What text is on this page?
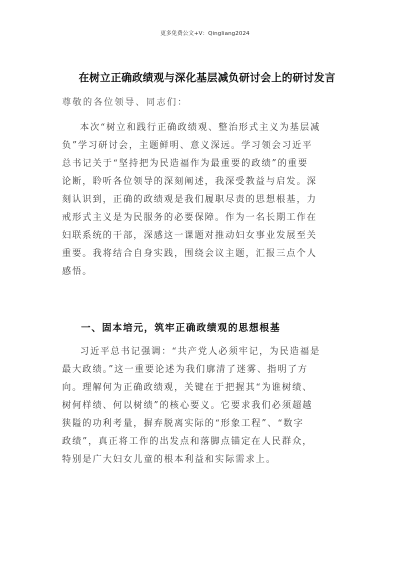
更多免费公文+V：Qingliang2024
在树立正确政绩观与深化基层减负研讨会上的研讨发言
尊敬的各位领导、同志们：
本次“树立和践行正确政绩观、整治形式主义为基层减
负”学习研讨会，主题鲜明、意义深远。学习领会习近平
总书记关于“坚持把为民造福作为最重要的政绩”的重要
论断，聆听各位领导的深刻阐述，我深受教益与启发。深
刻认识到，正确的政绩观是我们履职尽责的思想根基，力
戒形式主义是为民服务的必要保障。作为一名长期工作在
妇联系统的干部，深感这一课题对推动妇女事业发展至关
重要。我将结合自身实践，围绕会议主题，汇报三点个人
感悟。
一、固本培元，筑牢正确政绩观的思想根基
习近平总书记强调：“共产党人必须牢记，为民造福是
最大政绩。”这一重要论述为我们廓清了迷雾、指明了方
向。理解何为正确政绩观，关键在于把握其“为谁树绩、
树何样绩、何以树绩”的核心要义。它要求我们必须超越
狭隘的功利考量，摒弃脱离实际的“形象工程”、“数字
政绩”，真正将工作的出发点和落脚点锚定在人民群众，
特别是广大妇女儿童的根本利益和实际需求上。
